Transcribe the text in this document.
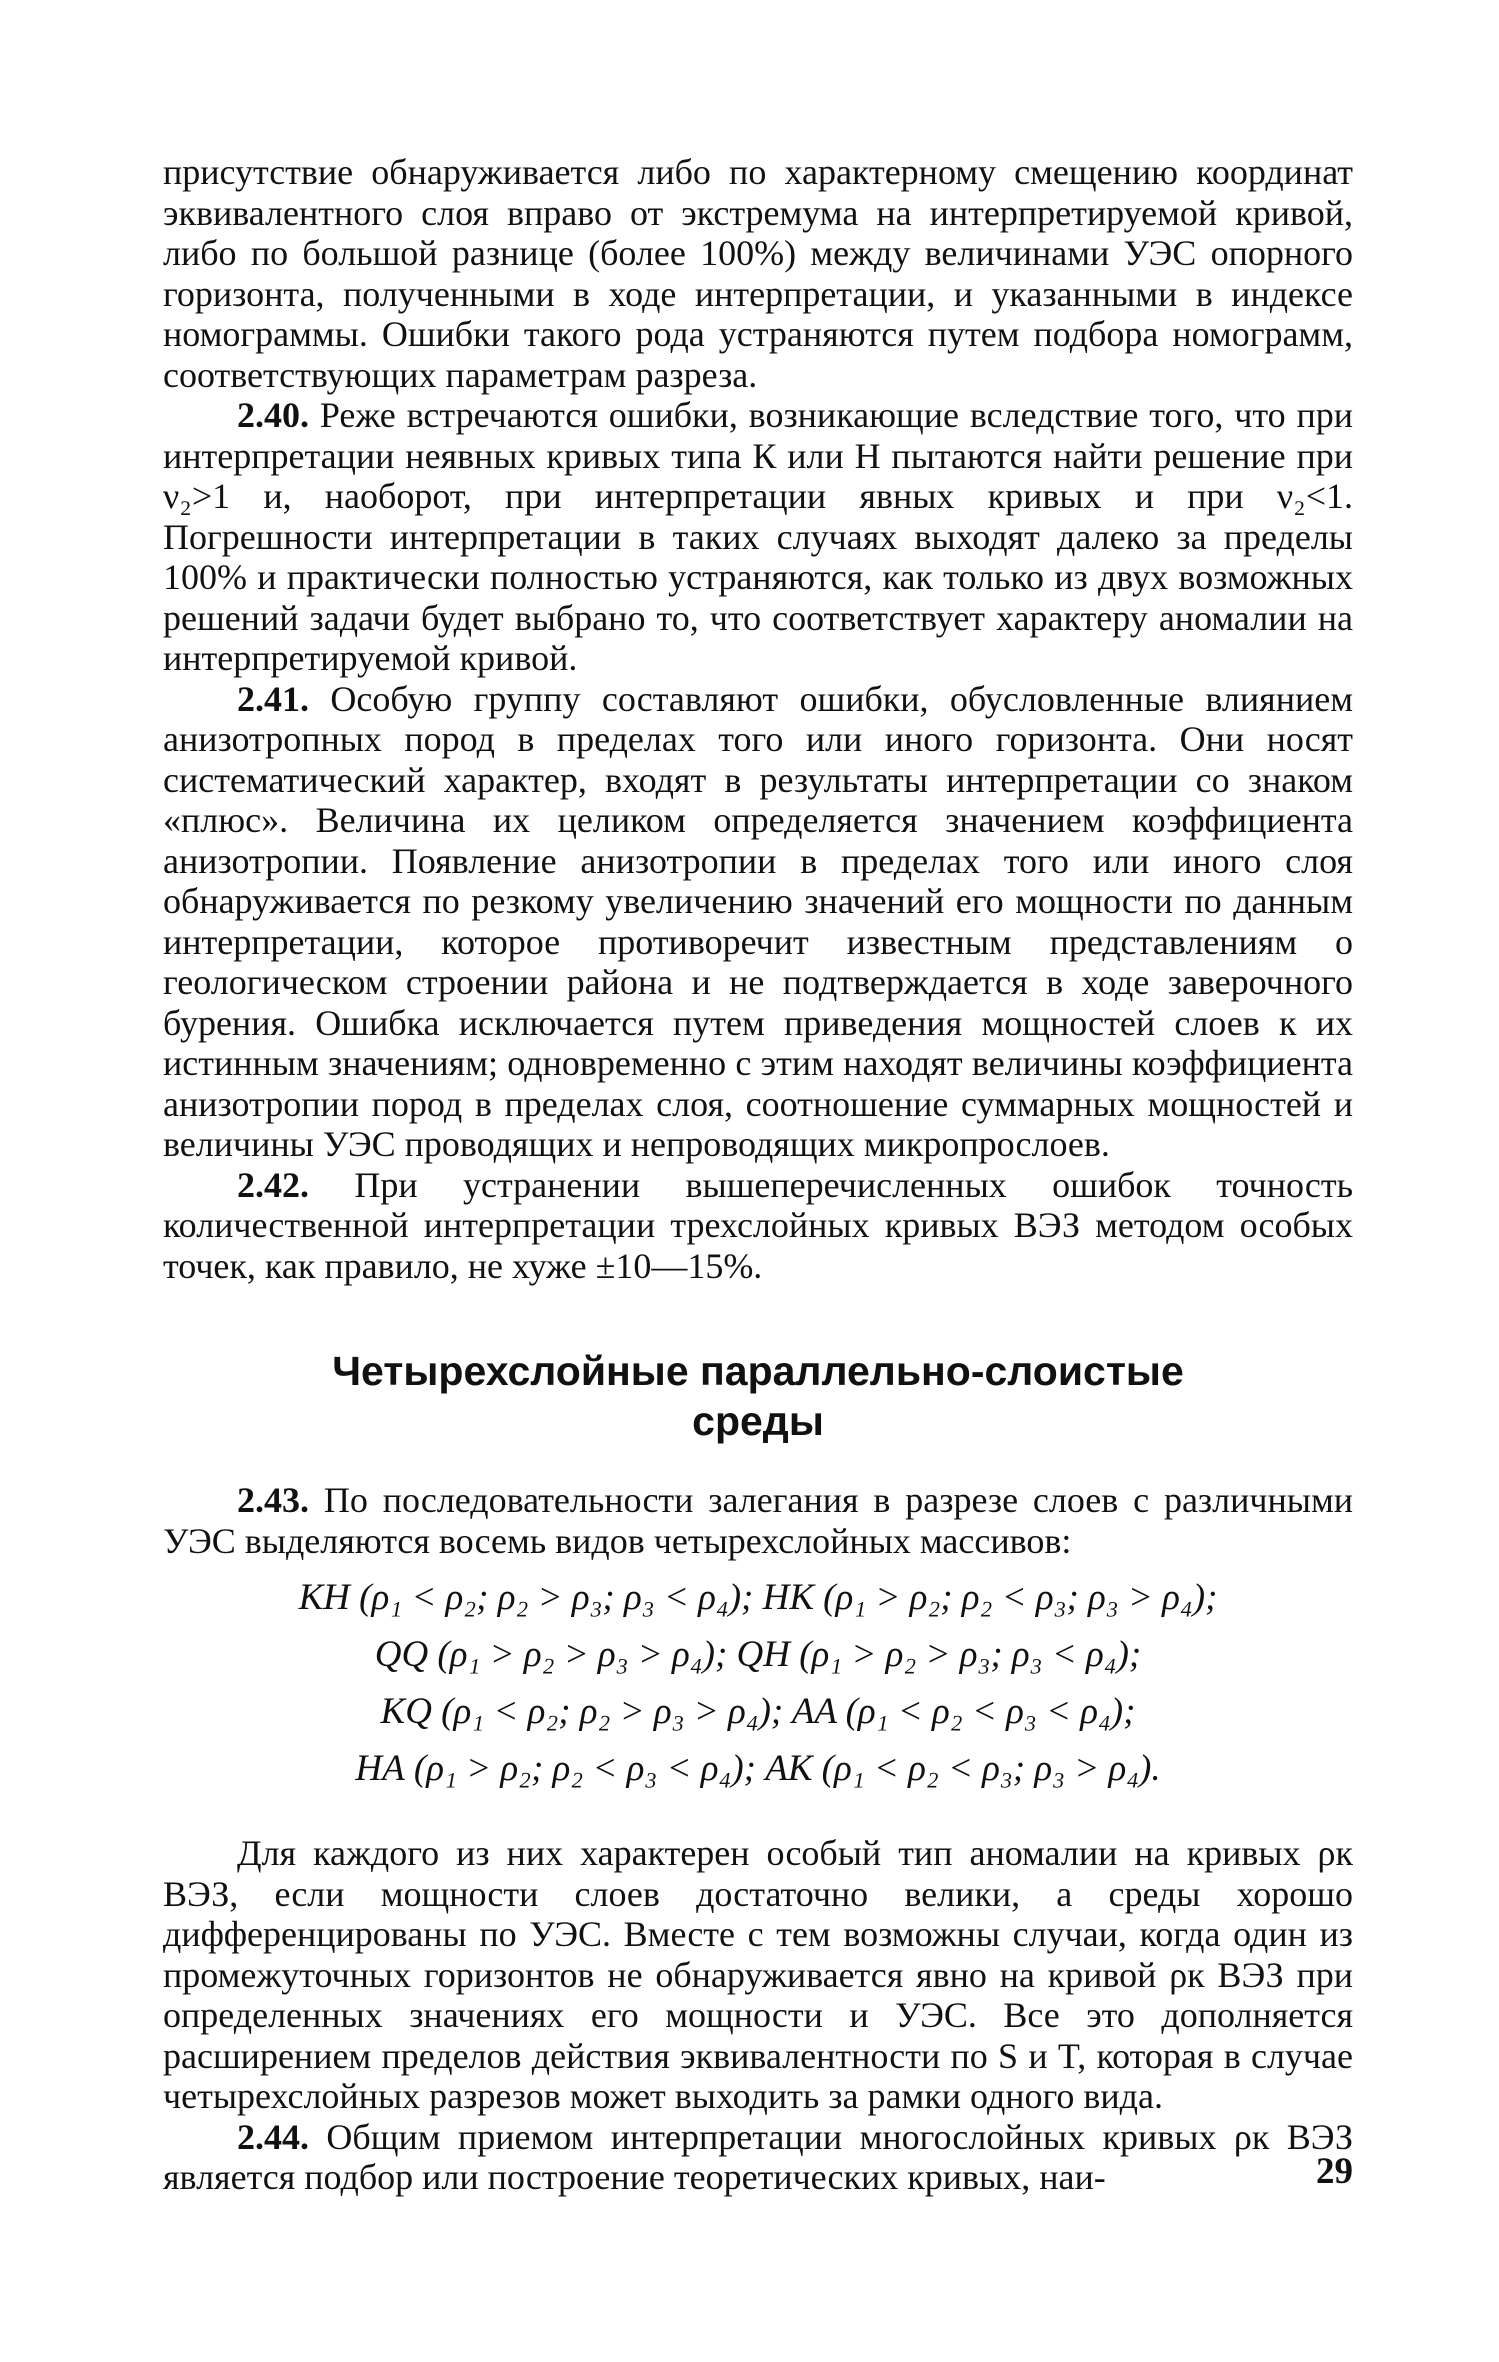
присутствие обнаруживается либо по характерному смещению координат эквивалентного слоя вправо от экстремума на интерпретируемой кривой, либо по большой разнице (более 100%) между величинами УЭС опорного горизонта, полученными в ходе интерпретации, и указанными в индексе номограммы. Ошибки такого рода устраняются путем подбора номограмм, соответствующих параметрам разреза.

2.40. Реже встречаются ошибки, возникающие вследствие того, что при интерпретации неявных кривых типа К или Н пытаются найти решение при ν₂>1 и, наоборот, при интерпретации явных кривых и при ν₂<1. Погрешности интерпретации в таких случаях выходят далеко за пределы 100% и практически полностью устраняются, как только из двух возможных решений задачи будет выбрано то, что соответствует характеру аномалии на интерпретируемой кривой.

2.41. Особую группу составляют ошибки, обусловленные влиянием анизотропных пород в пределах того или иного горизонта. Они носят систематический характер, входят в результаты интерпретации со знаком «плюс». Величина их целиком определяется значением коэффициента анизотропии. Появление анизотропии в пределах того или иного слоя обнаруживается по резкому увеличению значений его мощности по данным интерпретации, которое противоречит известным представлениям о геологическом строении района и не подтверждается в ходе заверочного бурения. Ошибка исключается путем приведения мощностей слоев к их истинным значениям; одновременно с этим находят величины коэффициента анизотропии пород в пределах слоя, соотношение суммарных мощностей и величины УЭС проводящих и непроводящих микропрослоев.

2.42. При устранении вышеперечисленных ошибок точность количественной интерпретации трехслойных кривых ВЭЗ методом особых точек, как правило, не хуже ±10—15%.

Четырехслойные параллельно-слоистые
среды

2.43. По последовательности залегания в разрезе слоев с различными УЭС выделяются восемь видов четырехслойных массивов:

КН (ρ₁ < ρ₂; ρ₂ > ρ₃; ρ₃ < ρ₄); НК (ρ₁ > ρ₂; ρ₂ < ρ₃; ρ₃ > ρ₄);
QQ (ρ₁ > ρ₂ > ρ₃ > ρ₄); QH (ρ₁ > ρ₂ > ρ₃; ρ₃ < ρ₄);
KQ (ρ₁ < ρ₂; ρ₂ > ρ₃ > ρ₄); AA (ρ₁ < ρ₂ < ρ₃ < ρ₄);
НА (ρ₁ > ρ₂; ρ₂ < ρ₃ < ρ₄); АК (ρ₁ < ρ₂ < ρ₃; ρ₃ > ρ₄).

Для каждого из них характерен особый тип аномалии на кривых ρк ВЭЗ, если мощности слоев достаточно велики, а среды хорошо дифференцированы по УЭС. Вместе с тем возможны случаи, когда один из промежуточных горизонтов не обнаруживается явно на кривой ρк ВЭЗ при определенных значениях его мощности и УЭС. Все это дополняется расширением пределов действия эквивалентности по S и T, которая в случае четырехслойных разрезов может выходить за рамки одного вида.

2.44. Общим приемом интерпретации многослойных кривых ρк ВЭЗ является подбор или построение теоретических кривых, наи-	29
